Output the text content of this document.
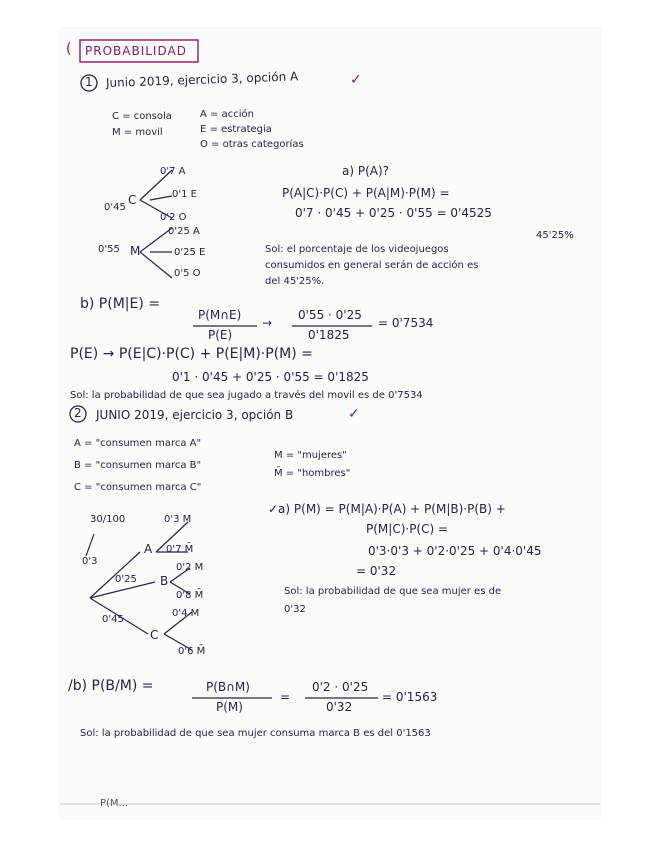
( PROBABILIDAD
1 Junio 2019, ejercicio 3, opción A	✓
C = consola
M = movil
A = acción
E = estrategia
O = otras categorías
0'45
C
0'55 M
0'7 A
0'1 E
0'2 O
0'25 A
0'25 E
0'5 O
a) P(A)?
P(A|C)·P(C) + P(A|M)·P(M) =
0'7 · 0'45 + 0'25 · 0'55 = 0'4525
45'25%
Sol: el porcentaje de los videojuegos
consumidos en general serán de acción es
del 45'25%.
b) P(M|E) =
P(M∩E)
P(E)
→
0'55 · 0'25
0'1825
= 0'7534
P(E) → P(E|C)·P(C) + P(E|M)·P(M) =
0'1 · 0'45 + 0'25 · 0'55 = 0'1825
Sol: la probabilidad de que sea jugado a través del movil es de 0'7534
2 JUNIO 2019, ejercicio 3, opción B	✓
A = "consumen marca A"
B = "consumen marca B"
C = "consumen marca C"
M = "mujeres"
M̄ = "hombres"
30/100
0'3
0'25
0'45
A
B
C
0'3 M
0'7 M̄
0'2 M
0'8 M̄
0'4 M
0'6 M̄
✓a) P(M) = P(M|A)·P(A) + P(M|B)·P(B) +
P(M|C)·P(C) =
0'3·0'3 + 0'2·0'25 + 0'4·0'45
= 0'32
Sol: la probabilidad de que sea mujer es de
0'32
/b) P(B/M) =	P(B∩M)
P(M)
=
0'2 · 0'25
0'32
= 0'1563
Sol: la probabilidad de que sea mujer consuma marca B es del 0'1563
P(M...
